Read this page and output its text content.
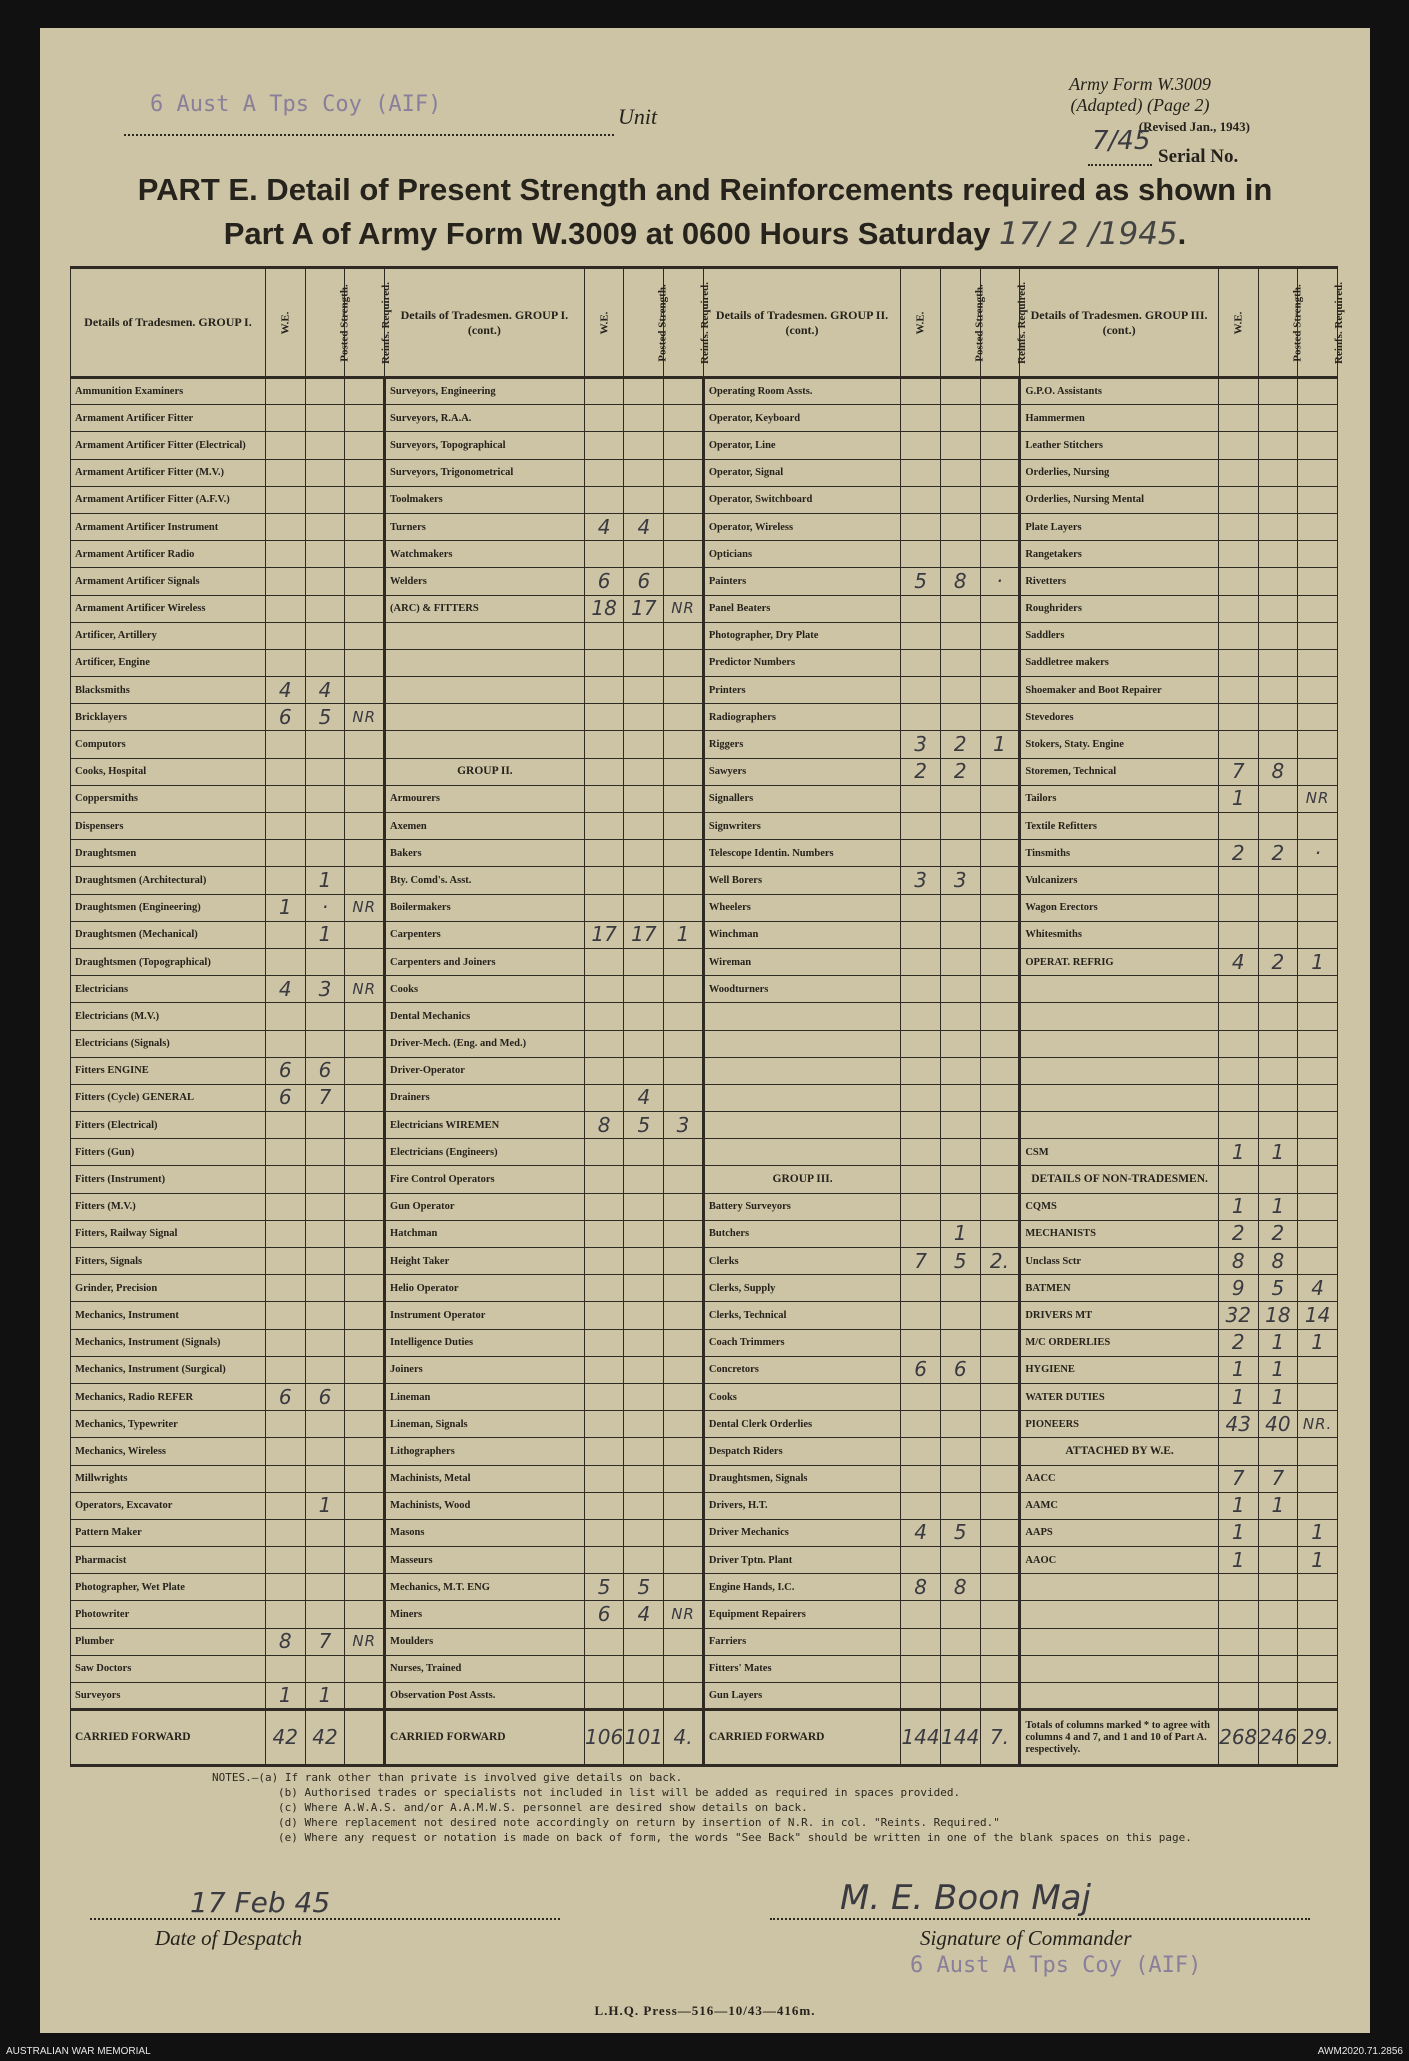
6 Aust A Tps Coy (AIF)	Unit
Army Form W.3009
(Adapted) (Page 2)
(Revised Jan., 1943)
7/45
Serial No.
PART E. Detail of Present Strength and Reinforcements required as shown in
Part A of Army Form W.3009 at 0600 Hours Saturday 17/ 2 /1945.
Details of Tradesmen. GROUP I.	W.E.	Posted Strength.	Reinfs. Required.	Details of Tradesmen. GROUP I. (cont.)	W.E.	Posted Strength.	Reinfs. Required.	Details of Tradesmen. GROUP II. (cont.)	W.E.	Posted Strength.	Reinfs. Required.	Details of Tradesmen. GROUP III. (cont.)	W.E.	Posted Strength.	Reinfs. Required.
Ammunition Examiners				Surveyors, Engineering				Operating Room Assts.				G.P.O. Assistants			
Armament Artificer Fitter				Surveyors, R.A.A.				Operator, Keyboard				Hammermen			
Armament Artificer Fitter (Electrical)				Surveyors, Topographical				Operator, Line				Leather Stitchers			
Armament Artificer Fitter (M.V.)				Surveyors, Trigonometrical				Operator, Signal				Orderlies, Nursing			
Armament Artificer Fitter (A.F.V.)				Toolmakers				Operator, Switchboard				Orderlies, Nursing Mental			
Armament Artificer Instrument				Turners	4	4		Operator, Wireless				Plate Layers			
Armament Artificer Radio				Watchmakers				Opticians				Rangetakers			
Armament Artificer Signals				Welders	6	6		Painters	5	8	·	Rivetters			
Armament Artificer Wireless				(ARC) & FITTERS	18	17	NR	Panel Beaters				Roughriders			
Artificer, Artillery								Photographer, Dry Plate				Saddlers			
Artificer, Engine								Predictor Numbers				Saddletree makers			
Blacksmiths	4	4						Printers				Shoemaker and Boot Repairer			
Bricklayers	6	5	NR					Radiographers				Stevedores			
Computors								Riggers	3	2	1	Stokers, Staty. Engine			
Cooks, Hospital				GROUP II.				Sawyers	2	2		Storemen, Technical	7	8	
Coppersmiths				Armourers				Signallers				Tailors	1		NR
Dispensers				Axemen				Signwriters				Textile Refitters			
Draughtsmen				Bakers				Telescope Identin. Numbers				Tinsmiths	2	2	·
Draughtsmen (Architectural)		1		Bty. Comd's. Asst.				Well Borers	3	3		Vulcanizers			
Draughtsmen (Engineering)	1	·	NR	Boilermakers				Wheelers				Wagon Erectors			
Draughtsmen (Mechanical)		1		Carpenters	17	17	1	Winchman				Whitesmiths			
Draughtsmen (Topographical)				Carpenters and Joiners				Wireman				OPERAT. REFRIG	4	2	1
Electricians	4	3	NR	Cooks				Woodturners							
Electricians (M.V.)				Dental Mechanics											
Electricians (Signals)				Driver-Mech. (Eng. and Med.)											
Fitters ENGINE	6	6		Driver-Operator											
Fitters (Cycle) GENERAL	6	7		Drainers		4									
Fitters (Electrical)				Electricians WIREMEN	8	5	3								
Fitters (Gun)				Electricians (Engineers)								CSM	1	1	
Fitters (Instrument)				Fire Control Operators				GROUP III.				DETAILS OF NON-TRADESMEN.			
Fitters (M.V.)				Gun Operator				Battery Surveyors				CQMS	1	1	
Fitters, Railway Signal				Hatchman				Butchers		1		MECHANISTS	2	2	
Fitters, Signals				Height Taker				Clerks	7	5	2.	Unclass Sctr	8	8	
Grinder, Precision				Helio Operator				Clerks, Supply				BATMEN	9	5	4
Mechanics, Instrument				Instrument Operator				Clerks, Technical				DRIVERS MT	32	18	14
Mechanics, Instrument (Signals)				Intelligence Duties				Coach Trimmers				M/C ORDERLIES	2	1	1
Mechanics, Instrument (Surgical)				Joiners				Concretors	6	6		HYGIENE	1	1	
Mechanics, Radio REFER	6	6		Lineman				Cooks				WATER DUTIES	1	1	
Mechanics, Typewriter				Lineman, Signals				Dental Clerk Orderlies				PIONEERS	43	40	NR.
Mechanics, Wireless				Lithographers				Despatch Riders				ATTACHED BY W.E.			
Millwrights				Machinists, Metal				Draughtsmen, Signals				AACC	7	7	
Operators, Excavator		1		Machinists, Wood				Drivers, H.T.				AAMC	1	1	
Pattern Maker				Masons				Driver Mechanics	4	5		AAPS	1		1
Pharmacist				Masseurs				Driver Tptn. Plant				AAOC	1		1
Photographer, Wet Plate				Mechanics, M.T. ENG	5	5		Engine Hands, I.C.	8	8					
Photowriter				Miners	6	4	NR	Equipment Repairers							
Plumber	8	7	NR	Moulders				Farriers							
Saw Doctors				Nurses, Trained				Fitters' Mates							
Surveyors	1	1		Observation Post Assts.				Gun Layers							
CARRIED FORWARD	42	42		CARRIED FORWARD	106	101	4.	CARRIED FORWARD	144	144	7.	Totals of columns marked * to agree with columns 4 and 7, and 1 and 10 of Part A. respectively.	268	246	29.
NOTES.—(a) If rank other than private is involved give details on back.
(b) Authorised trades or specialists not included in list will be added as required in spaces provided.
(c) Where A.W.A.S. and/or A.A.M.W.S. personnel are desired show details on back.
(d) Where replacement not desired note accordingly on return by insertion of N.R. in col. "Reints. Required."
(e) Where any request or notation is made on back of form, the words "See Back" should be written in one of the blank spaces on this page.
17 Feb 45
Date of Despatch
M. E. Boon Maj
Signature of Commander
6 Aust A Tps Coy (AIF)
L.H.Q. Press—516—10/43—416m.
AUSTRALIAN WAR MEMORIAL	AWM2020.71.2856
